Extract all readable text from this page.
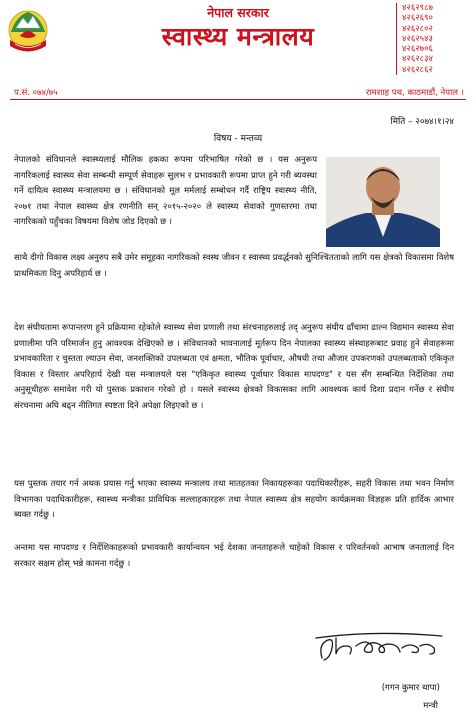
नेपाल सरकार
स्वास्थ्य मन्त्रालय
४२६२९८७
४२६२६९०
४२६२८०२
४२६२५४३
४२६२७०६
४२६२८३४
४२६२८६२
प.सं. ०७४/७५	रामशाह पथ, काठमाडौं, नेपाल ।
मिति – २०७४।१।२४
विषय - मन्तव्य

नेपालको संविधानले स्वास्थ्यलाई मौलिक हकका रूपमा परिभाषित गरेको छ । यस अनुरूप नागरिकलाई स्वास्थ्य सेवा सम्बन्धी सम्पूर्ण सेवाहरू सुलभ र प्रभावकारी रूपमा प्राप्त हुने गरी ब्यवस्था गर्ने दायित्व स्वास्थ्य मन्त्रालयमा छ । संविधानको मूल मर्मलाई सम्बोधन गर्दै राष्ट्रिय स्वास्थ्य नीति, २०७१ तथा नेपाल स्वास्थ्य क्षेत्र रणनीति सन् २०१५-२०२० ले स्वास्थ्य सेवाको गुणस्तरमा तथा नागरिकको पहुँचका विषयमा विशेष जोड दिएको छ ।

साथै दीगो विकास लक्ष्य अनुरुप सबै उमेर समूहका नागरिकको स्वस्थ जीवन र स्वास्थ्य प्रवर्द्धनको सुनिश्चितताको लागि यस क्षेत्रको विकासमा विशेष प्राथमिकता दिनु अपरिहार्य छ ।

देश संघीयतामा रूपान्तरण हुने प्रक्रियामा रहेकोले स्वास्थ्य सेवा प्रणाली तथा संरचनाहरुलाई तद् अनुरूप संघीय ढाँचामा ढाल्न विद्यमान स्वास्थ्य सेवा प्रणालीमा पनि परिमार्जन हुनु आवश्यक देखिएको छ । संविधानको भावनालाई मूर्तरूप दिन नेपालका स्वास्थ्य संस्थाहरूबाट प्रवाह हुने सेवाहरूमा प्रभावकारिता र चुस्तता ल्याउन सेवा, जनशक्तिको उपलब्धता एवं क्षमता, भौतिक पूर्वाधार, औषधी तथा औजार उपकरणको उपलब्धताको एकिकृत विकास र विस्तार अपरिहार्य देखी यस मन्त्रालयले यस "एकिकृत स्वास्थ्य पूर्वाधार विकास मापदण्ड" र यस सँग सम्बन्धित निर्देशिका तथा अनुसूचीहरू समावेश गरी यो पुस्तक प्रकाशन गरेको हो । यसले स्वास्थ्य क्षेत्रको विकासका लागि आवश्यक कार्य दिशा प्रदान गर्नेछ र संघीय संरचनामा अघि बढ्न नीतिगत स्पष्टता दिने अपेक्षा लिइएको छ ।

यस पुस्तक तयार गर्न अथक प्रयास गर्नु भएका स्वास्थ्य मन्त्रालय तथा मातहतका निकायहरूका पदाधिकारीहरू, सहरी विकास तथा भवन निर्माण विभागका पदाधिकारीहरू, स्वास्थ्य मन्त्रीका प्राविधिक सल्लाहकारहरू तथा नेपाल स्वास्थ्य क्षेत्र सहयोग कार्यक्रमका विज्ञहरू प्रति हार्दिक आभार ब्यक्त गर्दछु ।

अन्तमा यस मापदण्ड र निर्देशिकाहरूको प्रभावकारी कार्यान्वयन भई देशका जनताहरूले चाहेको विकास र परिवर्तनको आभाष जनतालाई दिन सरकार सक्षम होस् भन्ने कामना गर्दछु ।

(गगन कुमार थापा)
मन्त्री
